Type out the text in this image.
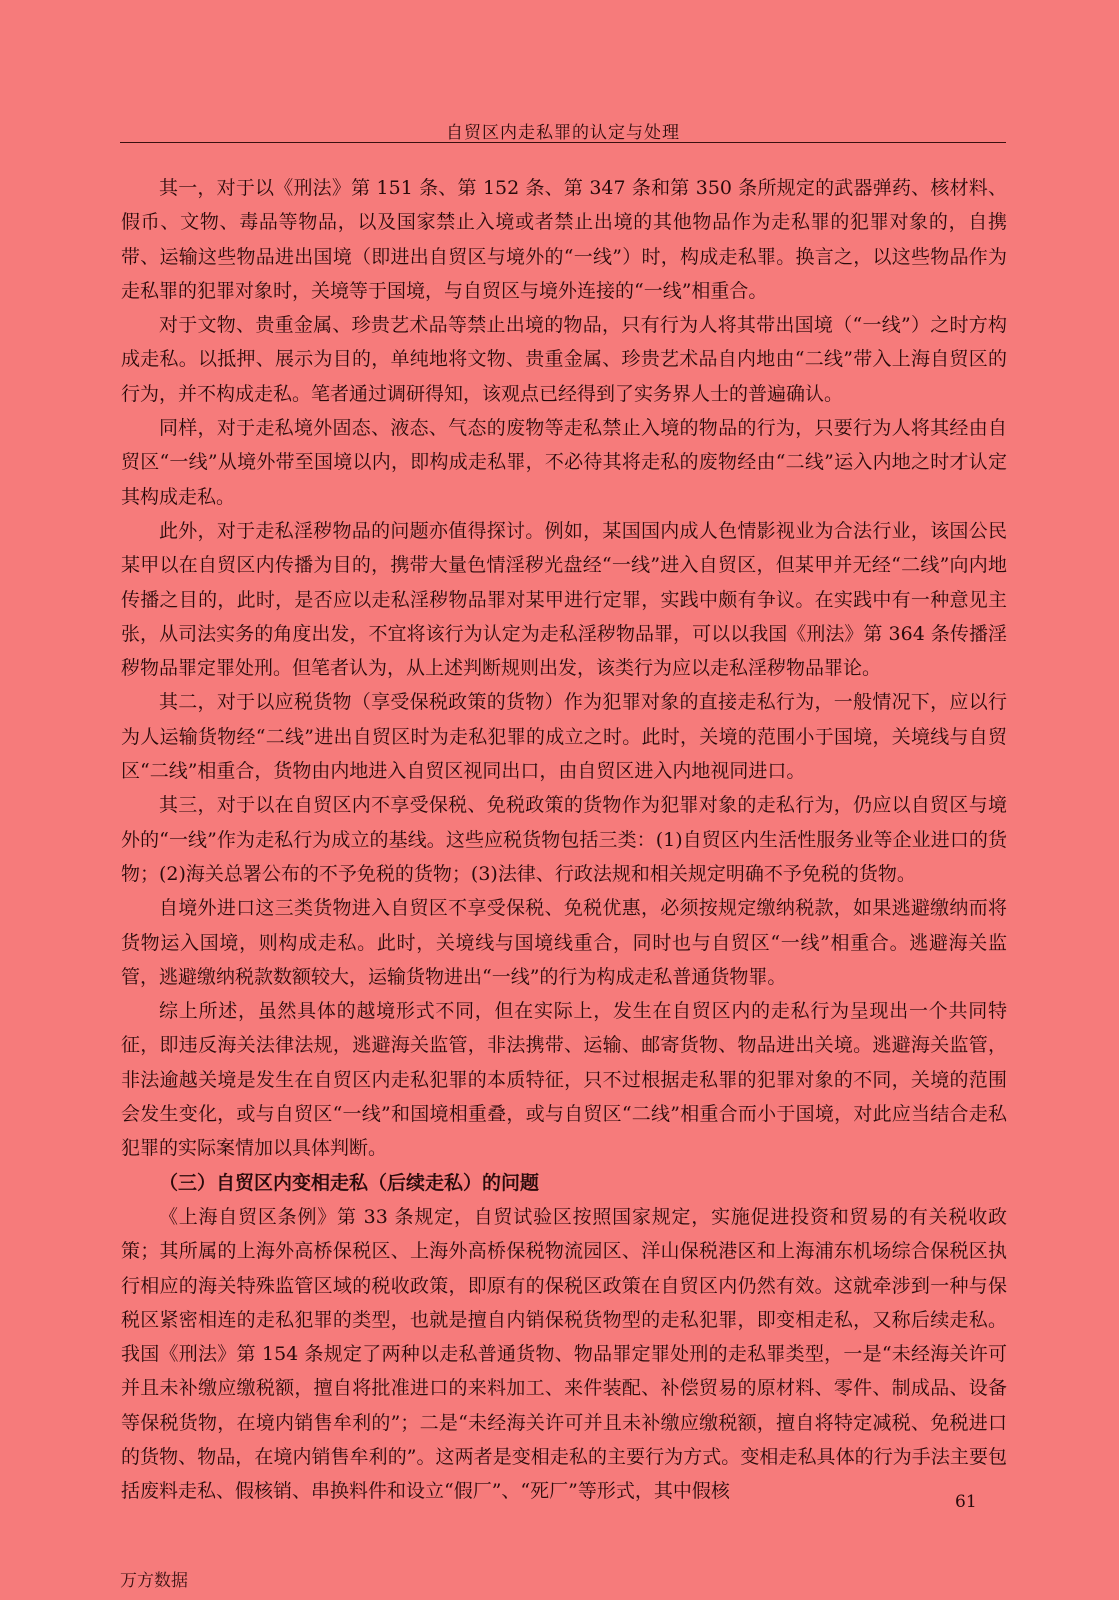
自贸区内走私罪的认定与处理

其一，对于以《刑法》第 151 条、第 152 条、第 347 条和第 350 条所规定的武器弹药、核材料、假币、文物、毒品等物品，以及国家禁止入境或者禁止出境的其他物品作为走私罪的犯罪对象的，自携带、运输这些物品进出国境（即进出自贸区与境外的“一线”）时，构成走私罪。换言之，以这些物品作为走私罪的犯罪对象时，关境等于国境，与自贸区与境外连接的“一线”相重合。

对于文物、贵重金属、珍贵艺术品等禁止出境的物品，只有行为人将其带出国境（“一线”）之时方构成走私。以抵押、展示为目的，单纯地将文物、贵重金属、珍贵艺术品自内地由“二线”带入上海自贸区的行为，并不构成走私。笔者通过调研得知，该观点已经得到了实务界人士的普遍确认。

同样，对于走私境外固态、液态、气态的废物等走私禁止入境的物品的行为，只要行为人将其经由自贸区“一线”从境外带至国境以内，即构成走私罪，不必待其将走私的废物经由“二线”运入内地之时才认定其构成走私。

此外，对于走私淫秽物品的问题亦值得探讨。例如，某国国内成人色情影视业为合法行业，该国公民某甲以在自贸区内传播为目的，携带大量色情淫秽光盘经“一线”进入自贸区，但某甲并无经“二线”向内地传播之目的，此时，是否应以走私淫秽物品罪对某甲进行定罪，实践中颇有争议。在实践中有一种意见主张，从司法实务的角度出发，不宜将该行为认定为走私淫秽物品罪，可以以我国《刑法》第 364 条传播淫秽物品罪定罪处刑。但笔者认为，从上述判断规则出发，该类行为应以走私淫秽物品罪论。

其二，对于以应税货物（享受保税政策的货物）作为犯罪对象的直接走私行为，一般情况下，应以行为人运输货物经“二线”进出自贸区时为走私犯罪的成立之时。此时，关境的范围小于国境，关境线与自贸区“二线”相重合，货物由内地进入自贸区视同出口，由自贸区进入内地视同进口。

其三，对于以在自贸区内不享受保税、免税政策的货物作为犯罪对象的走私行为，仍应以自贸区与境外的“一线”作为走私行为成立的基线。这些应税货物包括三类：(1)自贸区内生活性服务业等企业进口的货物；(2)海关总署公布的不予免税的货物；(3)法律、行政法规和相关规定明确不予免税的货物。

自境外进口这三类货物进入自贸区不享受保税、免税优惠，必须按规定缴纳税款，如果逃避缴纳而将货物运入国境，则构成走私。此时，关境线与国境线重合，同时也与自贸区“一线”相重合。逃避海关监管，逃避缴纳税款数额较大，运输货物进出“一线”的行为构成走私普通货物罪。

综上所述，虽然具体的越境形式不同，但在实际上，发生在自贸区内的走私行为呈现出一个共同特征，即违反海关法律法规，逃避海关监管，非法携带、运输、邮寄货物、物品进出关境。逃避海关监管，非法逾越关境是发生在自贸区内走私犯罪的本质特征，只不过根据走私罪的犯罪对象的不同，关境的范围会发生变化，或与自贸区“一线”和国境相重叠，或与自贸区“二线”相重合而小于国境，对此应当结合走私犯罪的实际案情加以具体判断。

（三）自贸区内变相走私（后续走私）的问题

《上海自贸区条例》第 33 条规定，自贸试验区按照国家规定，实施促进投资和贸易的有关税收政策；其所属的上海外高桥保税区、上海外高桥保税物流园区、洋山保税港区和上海浦东机场综合保税区执行相应的海关特殊监管区域的税收政策，即原有的保税区政策在自贸区内仍然有效。这就牵涉到一种与保税区紧密相连的走私犯罪的类型，也就是擅自内销保税货物型的走私犯罪，即变相走私，又称后续走私。我国《刑法》第 154 条规定了两种以走私普通货物、物品罪定罪处刑的走私罪类型，一是“未经海关许可并且未补缴应缴税额，擅自将批准进口的来料加工、来件装配、补偿贸易的原材料、零件、制成品、设备等保税货物，在境内销售牟利的”；二是“未经海关许可并且未补缴应缴税额，擅自将特定减税、免税进口的货物、物品，在境内销售牟利的”。这两者是变相走私的主要行为方式。变相走私具体的行为手法主要包括废料走私、假核销、串换料件和设立“假厂”、“死厂”等形式，其中假核	61
万方数据
